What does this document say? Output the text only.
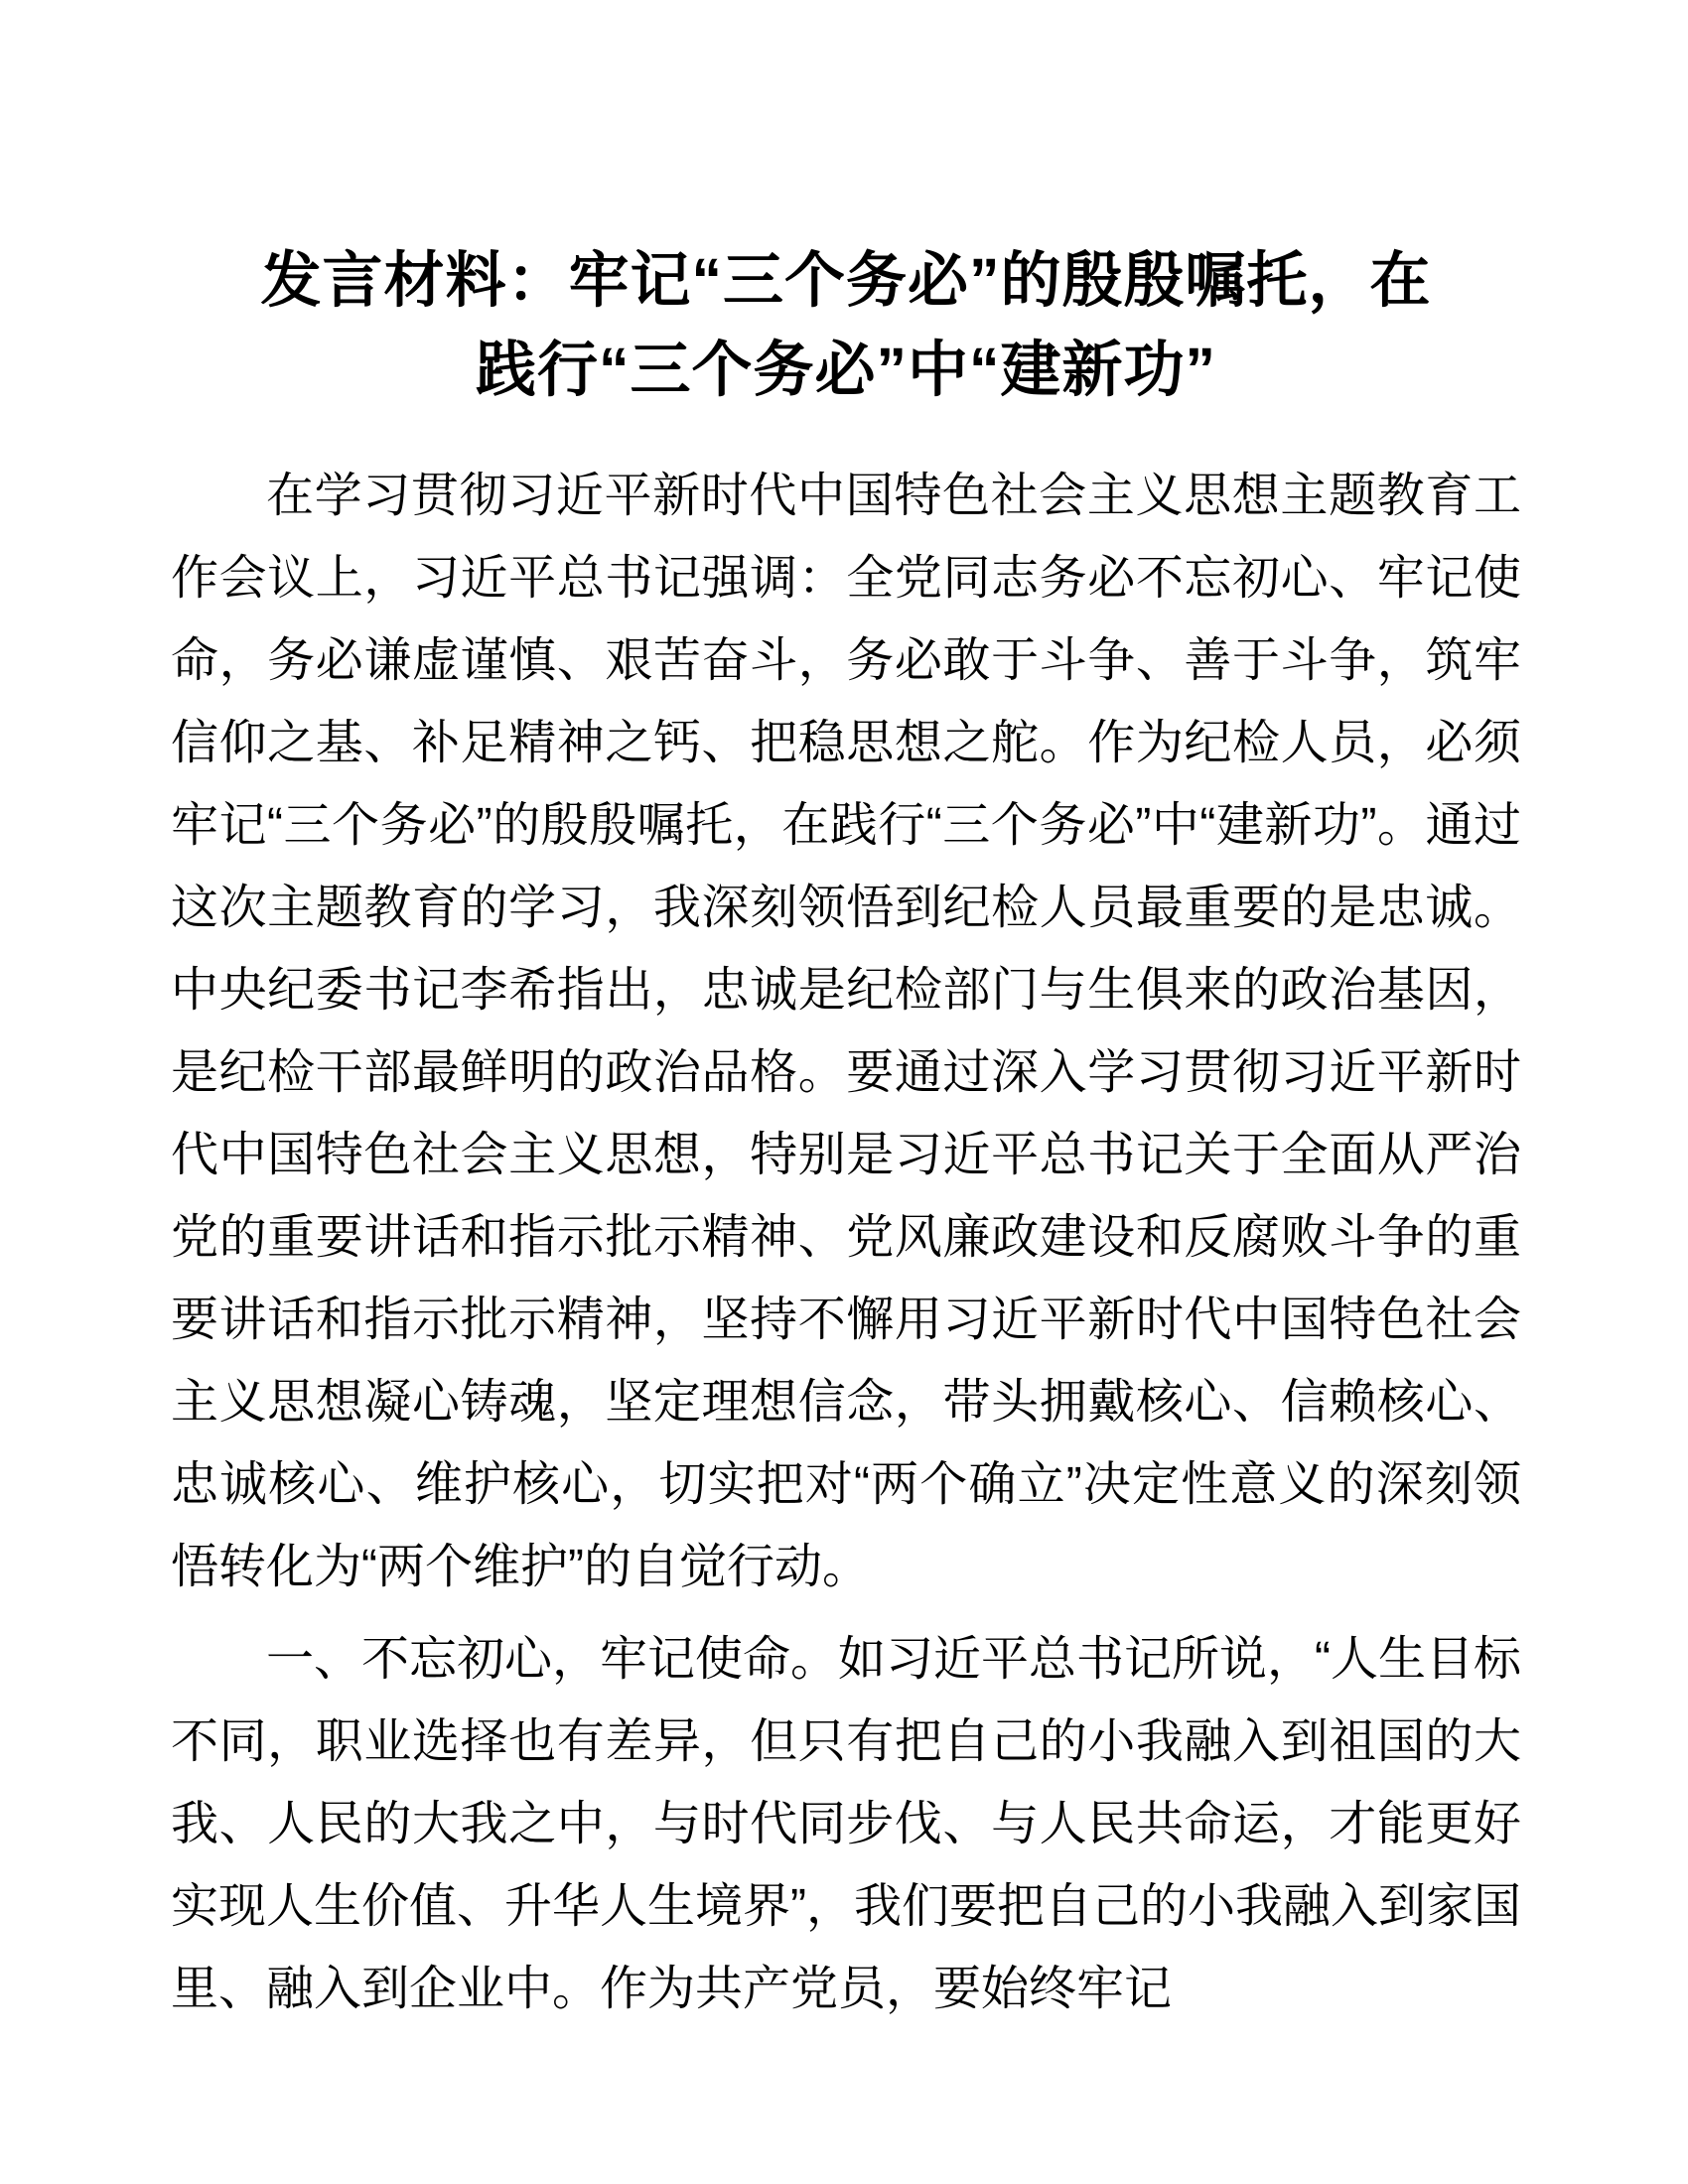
发言材料：牢记“三个务必”的殷殷嘱托，在
践行“三个务必”中“建新功”

在学习贯彻习近平新时代中国特色社会主义思想主题教育工作会议上，习近平总书记强调：全党同志务必不忘初心、牢记使命，务必谦虚谨慎、艰苦奋斗，务必敢于斗争、善于斗争，筑牢信仰之基、补足精神之钙、把稳思想之舵。作为纪检人员，必须牢记“三个务必”的殷殷嘱托，在践行“三个务必”中“建新功”。通过这次主题教育的学习，我深刻领悟到纪检人员最重要的是忠诚。中央纪委书记李希指出，忠诚是纪检部门与生俱来的政治基因，是纪检干部最鲜明的政治品格。要通过深入学习贯彻习近平新时代中国特色社会主义思想，特别是习近平总书记关于全面从严治党的重要讲话和指示批示精神、党风廉政建设和反腐败斗争的重要讲话和指示批示精神，坚持不懈用习近平新时代中国特色社会主义思想凝心铸魂，坚定理想信念，带头拥戴核心、信赖核心、忠诚核心、维护核心，切实把对“两个确立”决定性意义的深刻领悟转化为“两个维护”的自觉行动。

一、不忘初心，牢记使命。如习近平总书记所说，“人生目标不同，职业选择也有差异，但只有把自己的小我融入到祖国的大我、人民的大我之中，与时代同步伐、与人民共命运，才能更好实现人生价值、升华人生境界”，我们要把自己的小我融入到家国里、融入到企业中。作为共产党员，要始终牢记
